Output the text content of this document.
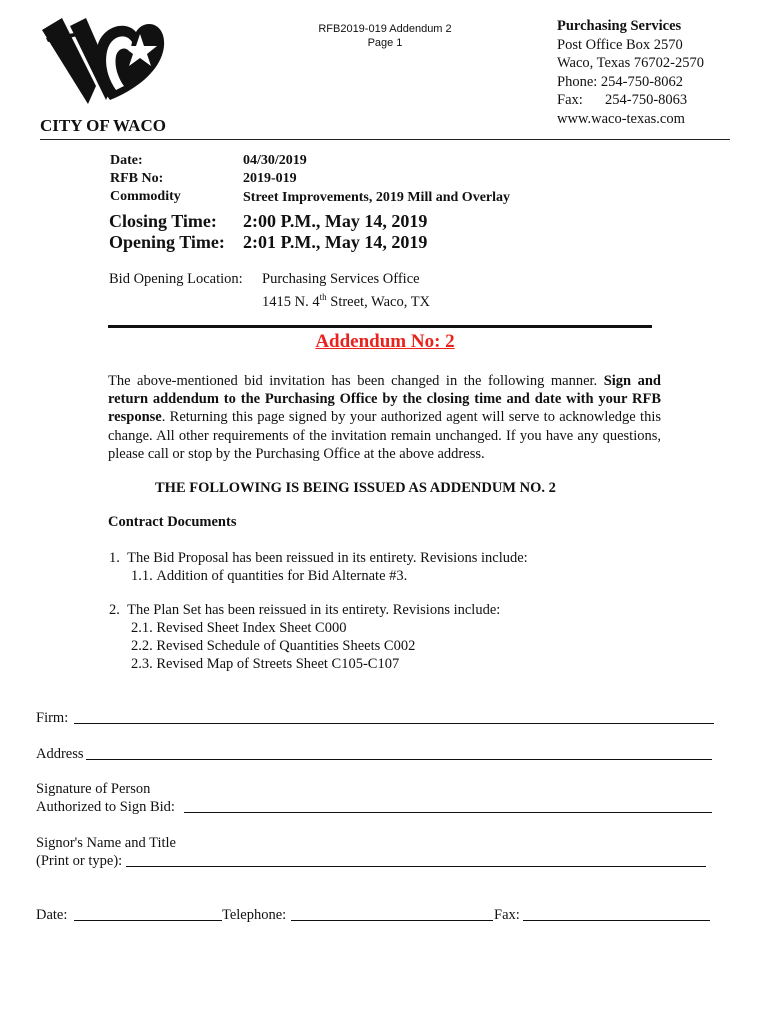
RFB2019-019 Addendum 2
Page 1
Purchasing Services
Post Office Box 2570
Waco, Texas 76702-2570
Phone: 254-750-8062
Fax: 254-750-8063
www.waco-texas.com
CITY OF WACO
Date:	04/30/2019
RFB No:	2019-019
Commodity	Street Improvements, 2019 Mill and Overlay
Closing Time: 2:00 P.M., May 14, 2019
Opening Time: 2:01 P.M., May 14, 2019
Bid Opening Location: Purchasing Services Office
1415 N. 4th Street, Waco, TX
Addendum No: 2
The above-mentioned bid invitation has been changed in the following manner. Sign and return addendum to the Purchasing Office by the closing time and date with your RFB response. Returning this page signed by your authorized agent will serve to acknowledge this change. All other requirements of the invitation remain unchanged. If you have any questions, please call or stop by the Purchasing Office at the above address.
THE FOLLOWING IS BEING ISSUED AS ADDENDUM NO. 2
Contract Documents
1. The Bid Proposal has been reissued in its entirety. Revisions include:
1.1. Addition of quantities for Bid Alternate #3.
2. The Plan Set has been reissued in its entirety. Revisions include:
2.1. Revised Sheet Index Sheet C000
2.2. Revised Schedule of Quantities Sheets C002
2.3. Revised Map of Streets Sheet C105-C107
Firm:
Address
Signature of Person
Authorized to Sign Bid:
Signor's Name and Title
(Print or type):
Date:	Telephone:	Fax:
